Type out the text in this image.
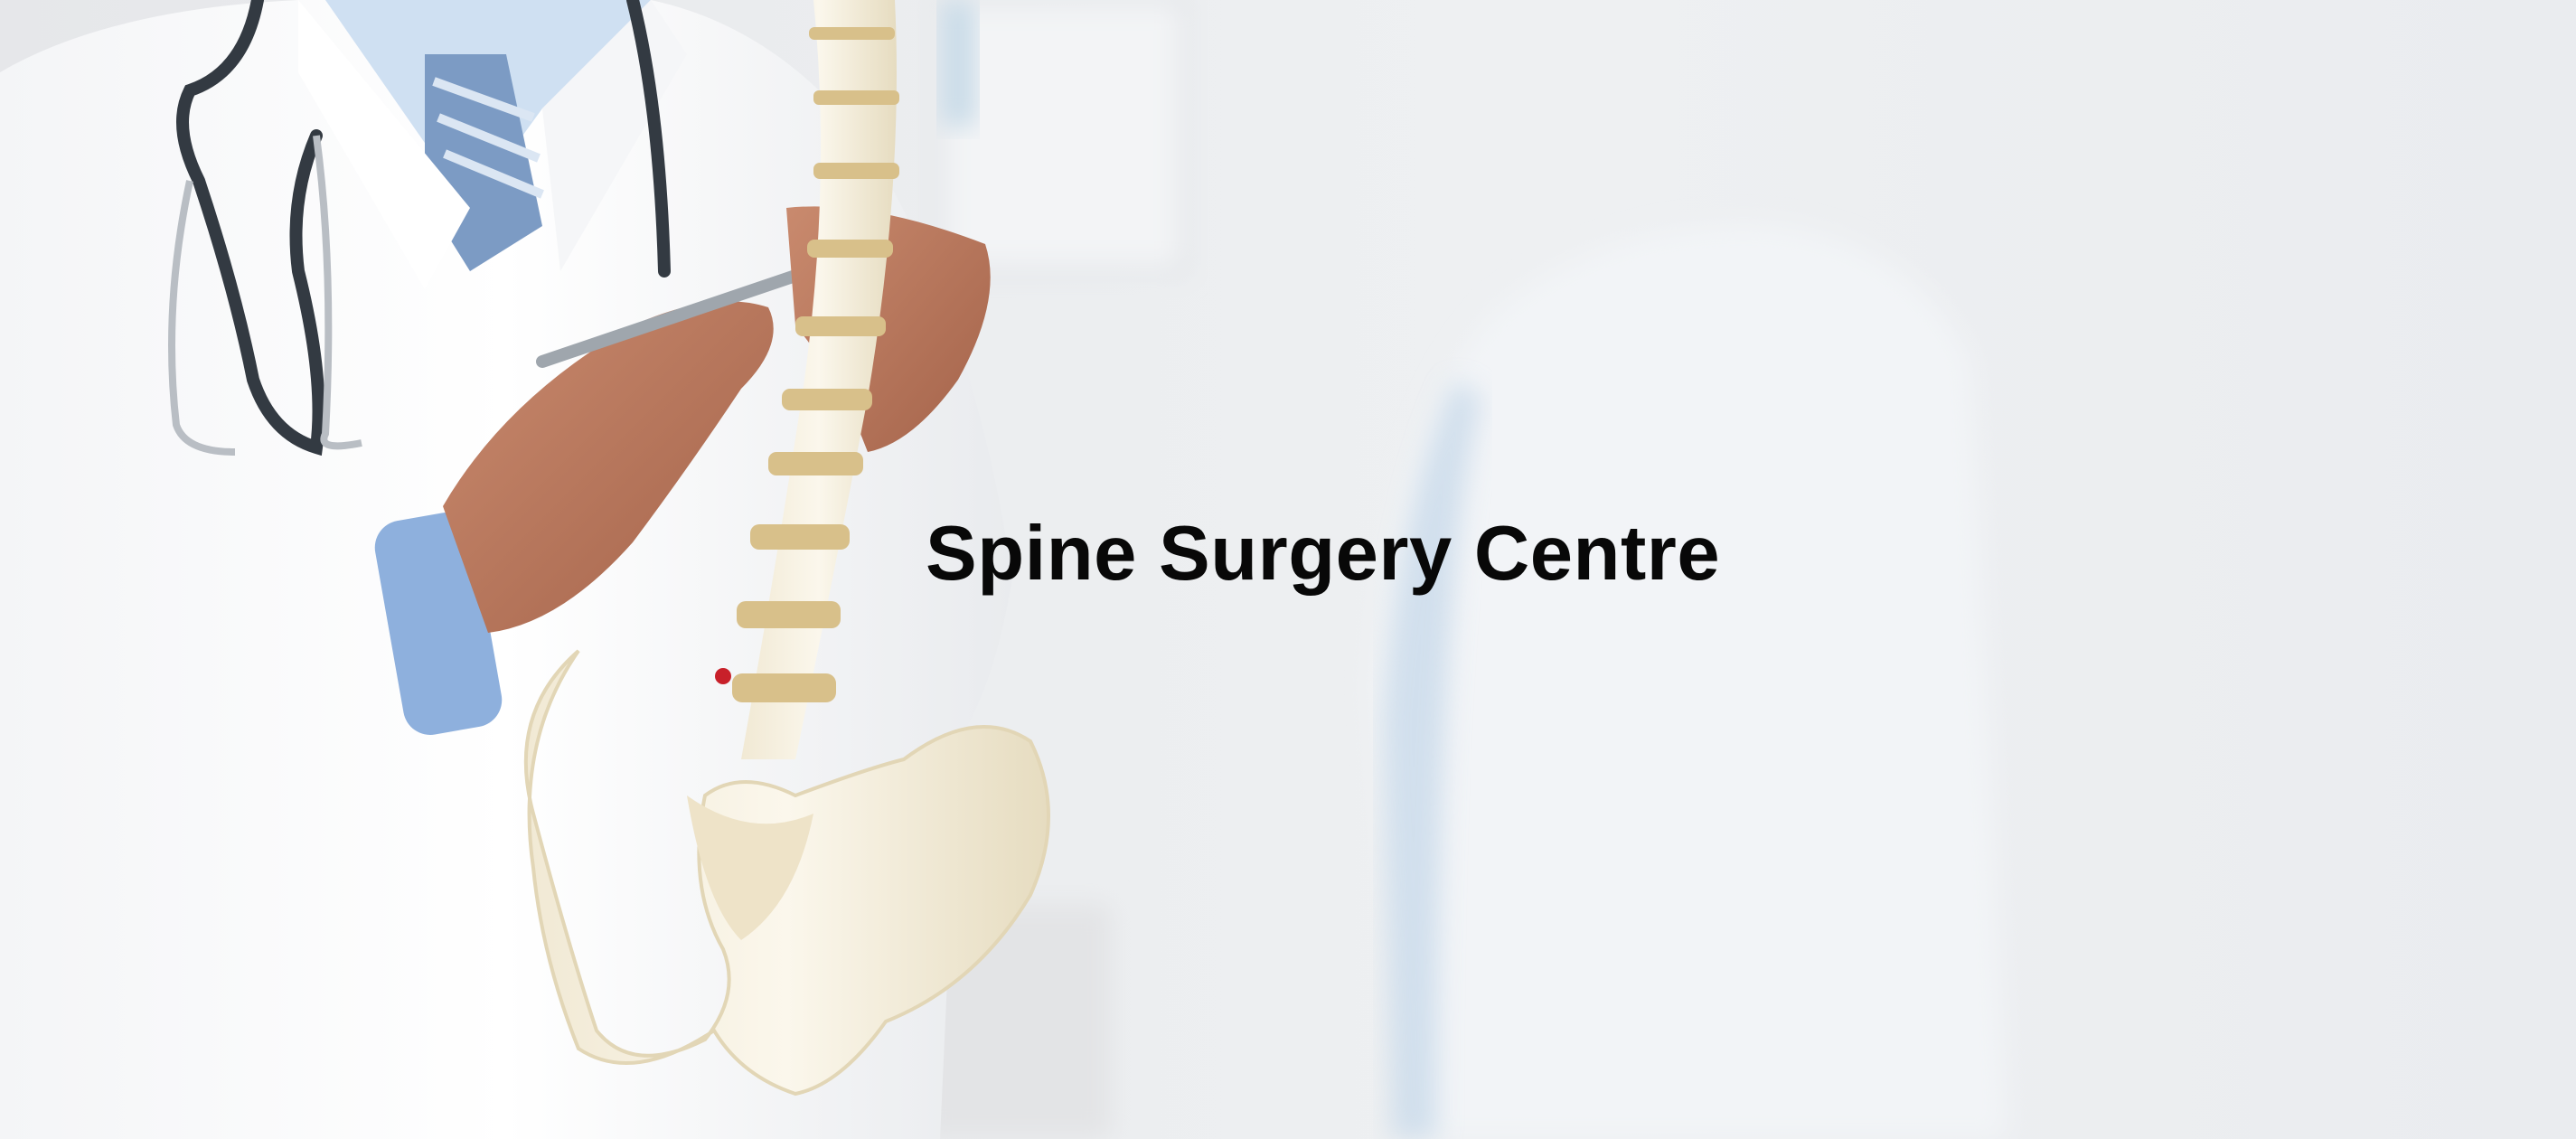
Spine Surgery Centre
